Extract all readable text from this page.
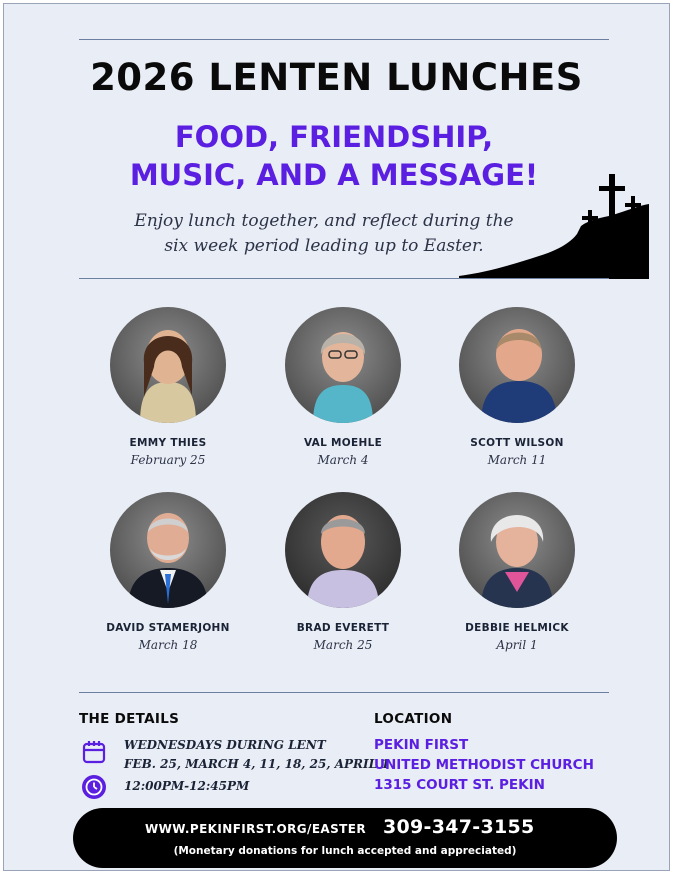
2026 LENTEN LUNCHES
FOOD, FRIENDSHIP,
MUSIC, AND A MESSAGE!
Enjoy lunch together, and reflect during the
six week period leading up to Easter.
EMMY THIES
February 25
VAL MOEHLE
March 4
SCOTT WILSON
March 11
DAVID STAMERJOHN
March 18
BRAD EVERETT
March 25
DEBBIE HELMICK
April 1
THE DETAILS
WEDNESDAYS DURING LENT
FEB. 25, MARCH 4, 11, 18, 25, APRIL 1
12:00PM-12:45PM
LOCATION
PEKIN FIRST
UNITED METHODIST CHURCH
1315 COURT ST. PEKIN
WWW.PEKINFIRST.ORG/EASTER 309-347-3155
(Monetary donations for lunch accepted and appreciated)
